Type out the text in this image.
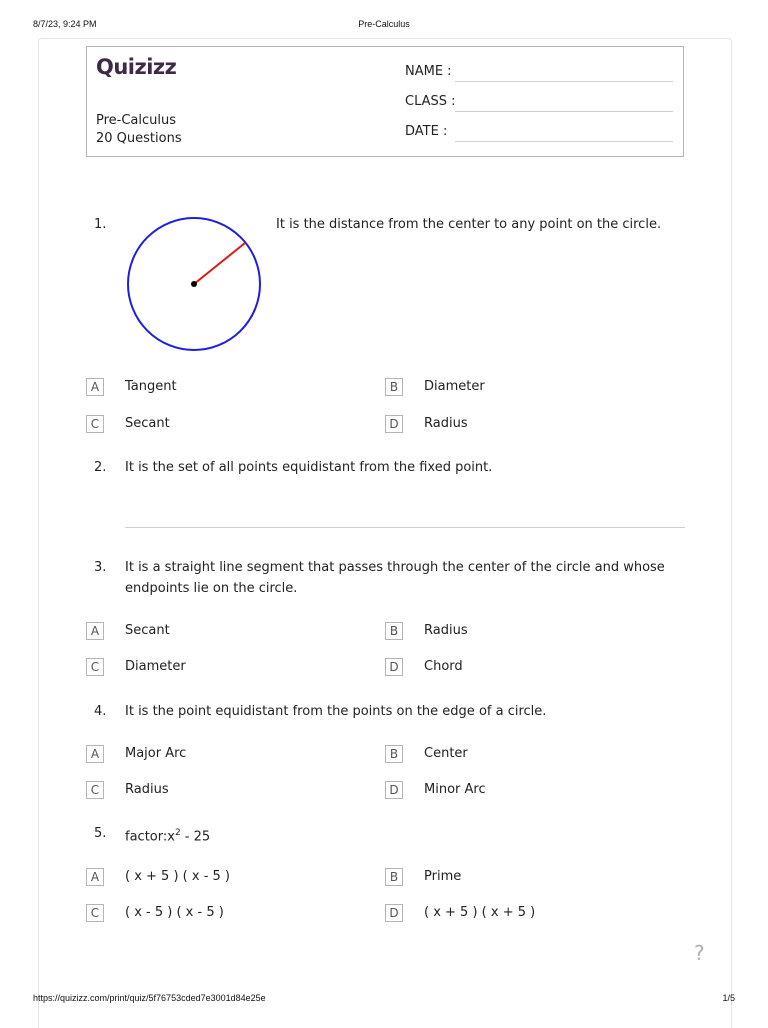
8/7/23, 9:24 PM	Pre-Calculus
Quizizz
Pre-Calculus
20 Questions
NAME :
CLASS :
DATE :
1.	It is the distance from the center to any point on the circle.
A	Tangent	B	Diameter
C	Secant	D	Radius
2. It is the set of all points equidistant from the fixed point.
3. It is a straight line segment that passes through the center of the circle and whose endpoints lie on the circle.
A	Secant	B	Radius
C	Diameter	D	Chord
4. It is the point equidistant from the points on the edge of a circle.
A	Major Arc	B	Center
C	Radius	D	Minor Arc
5. $factor:x^2 - 25$
A	( x + 5 ) ( x - 5 )	B	Prime
C	( x - 5 ) ( x - 5 )	D	( x + 5 ) ( x + 5 )
?
https://quizizz.com/print/quiz/5f76753cded7e3001d84e25e	1/5
